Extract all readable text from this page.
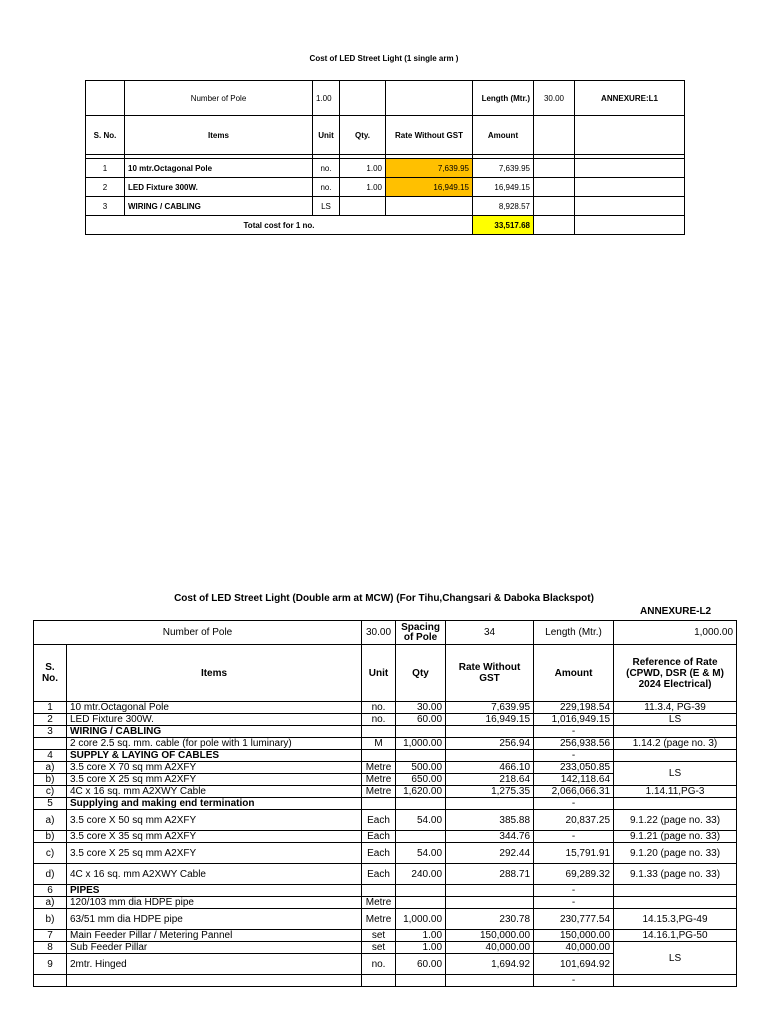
Cost of LED Street Light (1 single arm )
	Number of Pole	1.00			Length (Mtr.)	30.00	ANNEXURE:L1
S. No.	Items	Unit	Qty.	Rate Without GST	Amount		

1	10 mtr.Octagonal Pole	no.	1.00	7,639.95	7,639.95		
2	LED Fixture 300W.	no.	1.00	16,949.15	16,949.15		
3	WIRING / CABLING	LS			8,928.57		
Total cost for 1 no.					33,517.68		
Cost of LED Street Light (Double arm at MCW) (For Tihu,Changsari & Daboka Blackspot)
ANNEXURE-L2
Number of Pole		30.00	Spacing of Pole	34	Length (Mtr.)	1,000.00
S. No.	Items	Unit	Qty	Rate Without GST	Amount	Reference of Rate (CPWD, DSR (E & M) 2024 Electrical)
1	10 mtr.Octagonal Pole	no.	30.00	7,639.95	229,198.54	11.3.4, PG-39
2	LED Fixture 300W.	no.	60.00	16,949.15	1,016,949.15	LS
3	WIRING / CABLING				-	
	2 core 2.5 sq. mm. cable (for pole with 1 luminary)	M	1,000.00	256.94	256,938.56	1.14.2 (page no. 3)
4	SUPPLY & LAYING OF CABLES				-	
a)	3.5 core X 70 sq mm A2XFY	Metre	500.00	466.10	233,050.85	LS
b)	3.5 core X 25 sq mm A2XFY	Metre	650.00	218.64	142,118.64	
c)	4C x 16 sq. mm A2XWY Cable	Metre	1,620.00	1,275.35	2,066,066.31	1.14.11,PG-3
5	Supplying and making end termination				-	
a)	3.5 core X 50 sq mm A2XFY	Each	54.00	385.88	20,837.25	9.1.22 (page no. 33)
b)	3.5 core X 35 sq mm A2XFY	Each		344.76	-	9.1.21 (page no. 33)
c)	3.5 core X 25 sq mm A2XFY	Each	54.00	292.44	15,791.91	9.1.20 (page no. 33)
d)	4C x 16 sq. mm A2XWY Cable	Each	240.00	288.71	69,289.32	9.1.33 (page no. 33)
6	PIPES				-	
a)	120/103 mm dia HDPE pipe	Metre			-	
b)	63/51 mm dia HDPE pipe	Metre	1,000.00	230.78	230,777.54	14.15.3,PG-49
7	Main Feeder Pillar / Metering Pannel	set	1.00	150,000.00	150,000.00	14.16.1,PG-50
8	Sub Feeder Pillar	set	1.00	40,000.00	40,000.00	LS
9	2mtr. Hinged	no.	60.00	1,694.92	101,694.92	
					-	
